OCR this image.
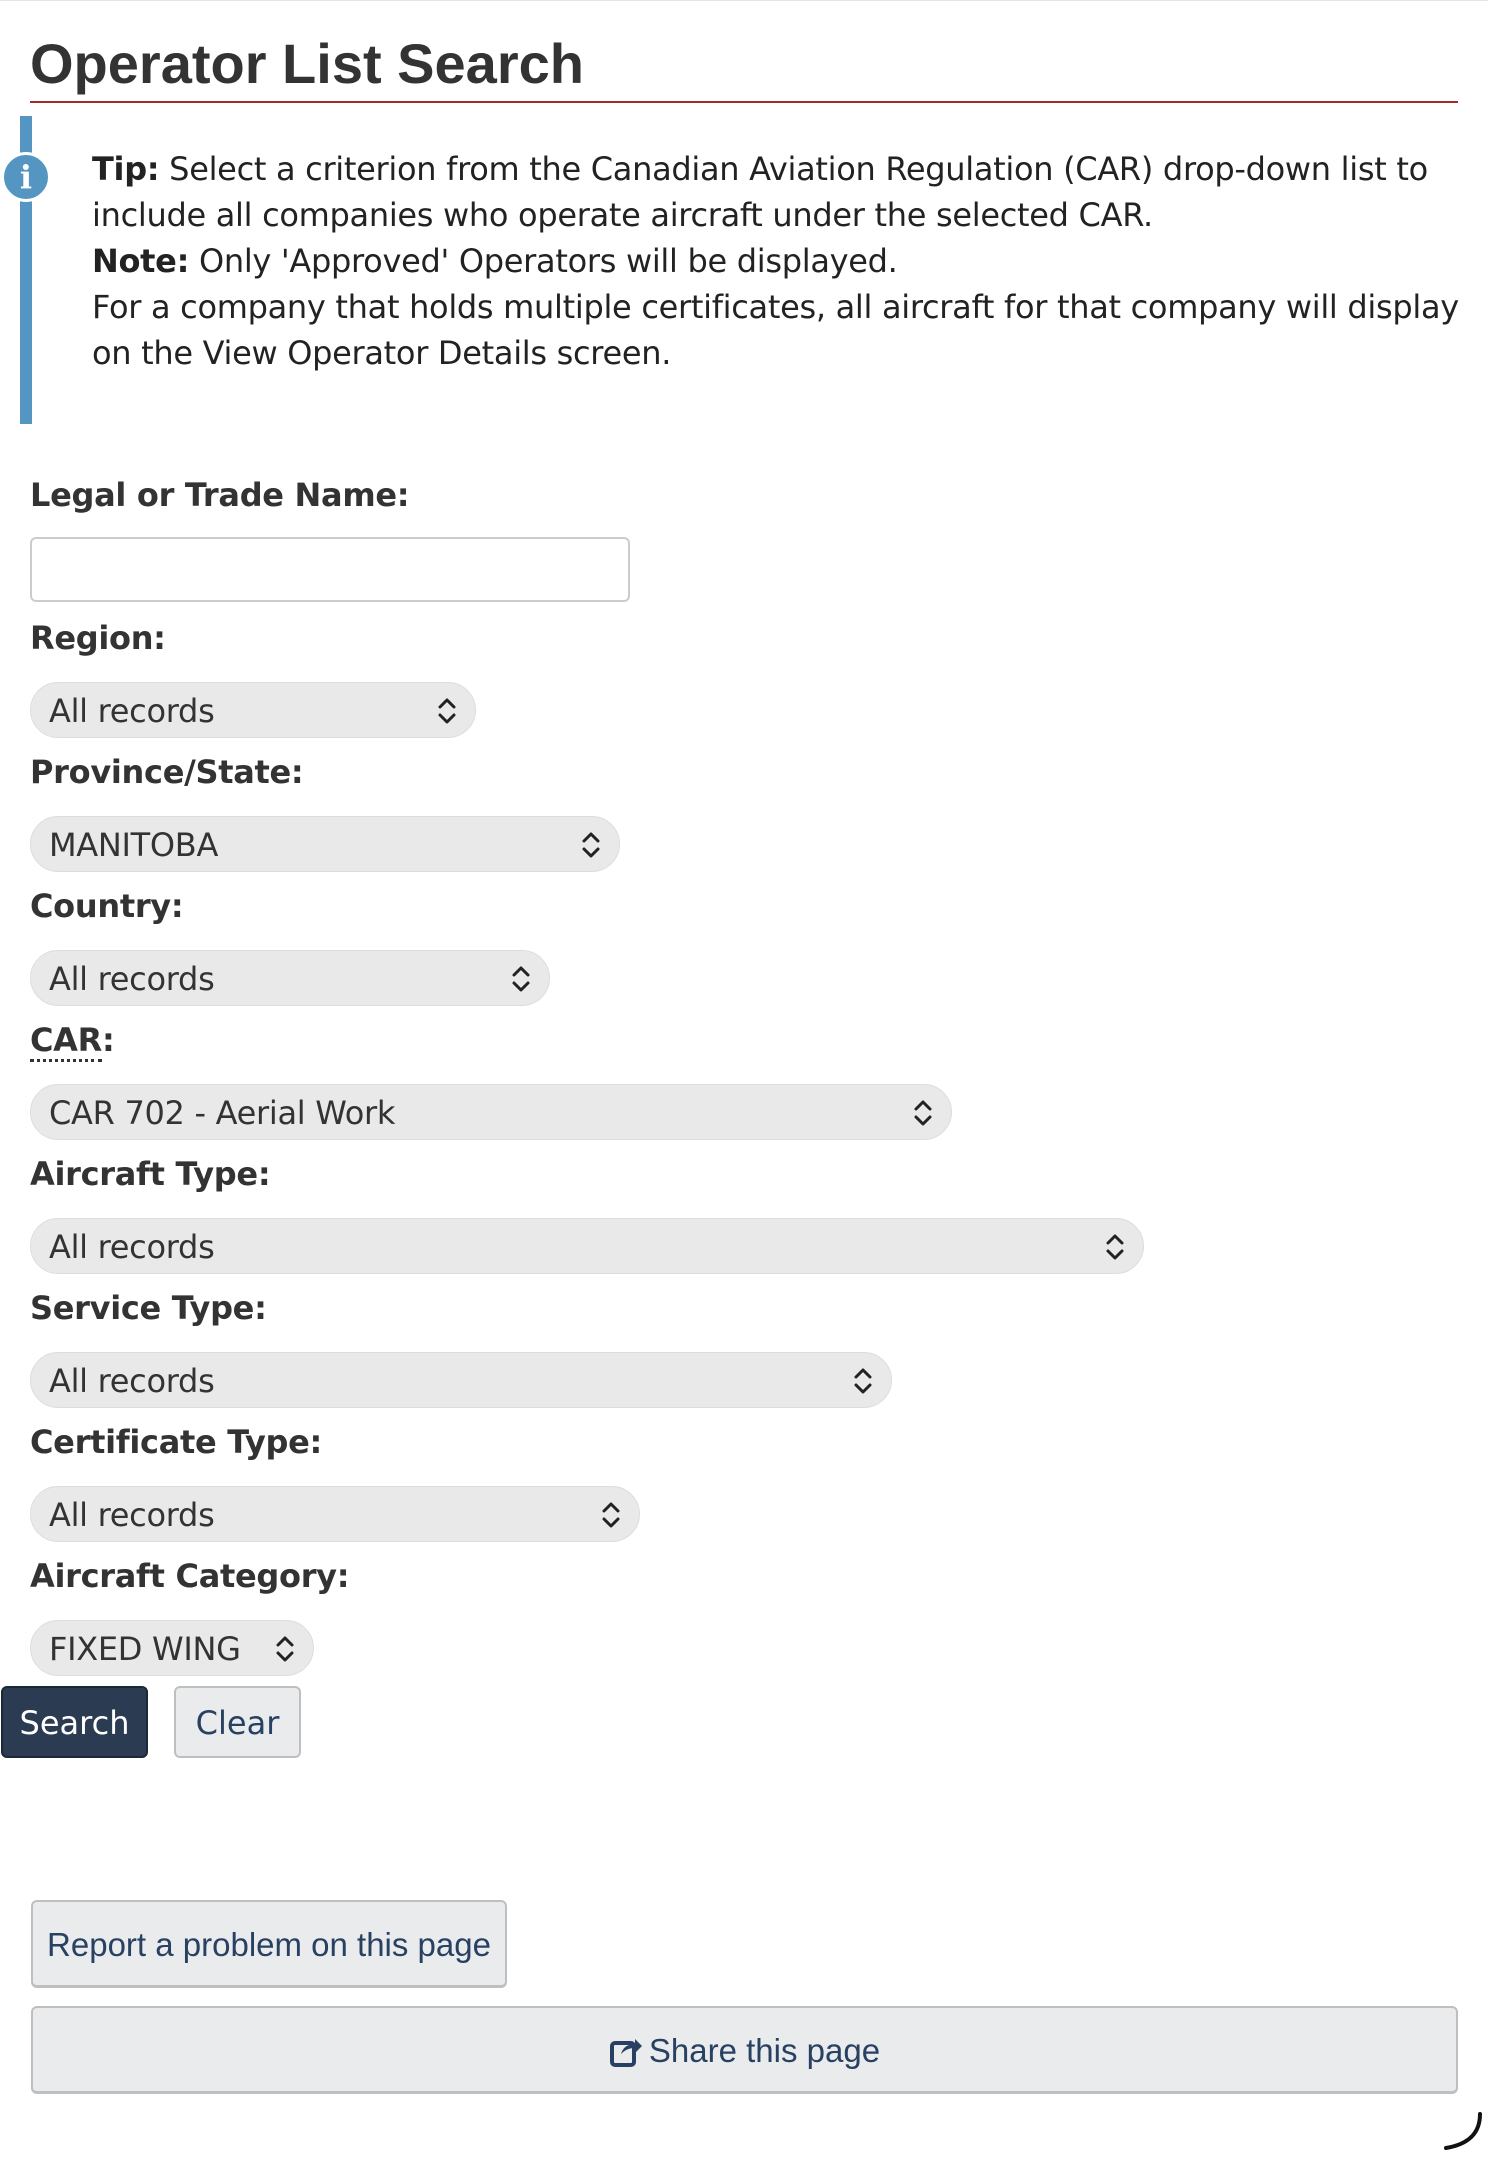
Operator List Search
i	Tip: Select a criterion from the Canadian Aviation Regulation (CAR) drop-down list to include all companies who operate aircraft under the selected CAR.

Note: Only 'Approved' Operators will be displayed.

For a company that holds multiple certificates, all aircraft for that company will display on the View Operator Details screen.

Legal or Trade Name:
Region:
All records
Province/State:
MANITOBA
Country:
All records
CAR:
CAR 702 - Aerial Work
Aircraft Type:
All records
Service Type:
All records
Certificate Type:
All records
Aircraft Category:
FIXED WING
Search	Clear
Report a problem on this page
Share this page
